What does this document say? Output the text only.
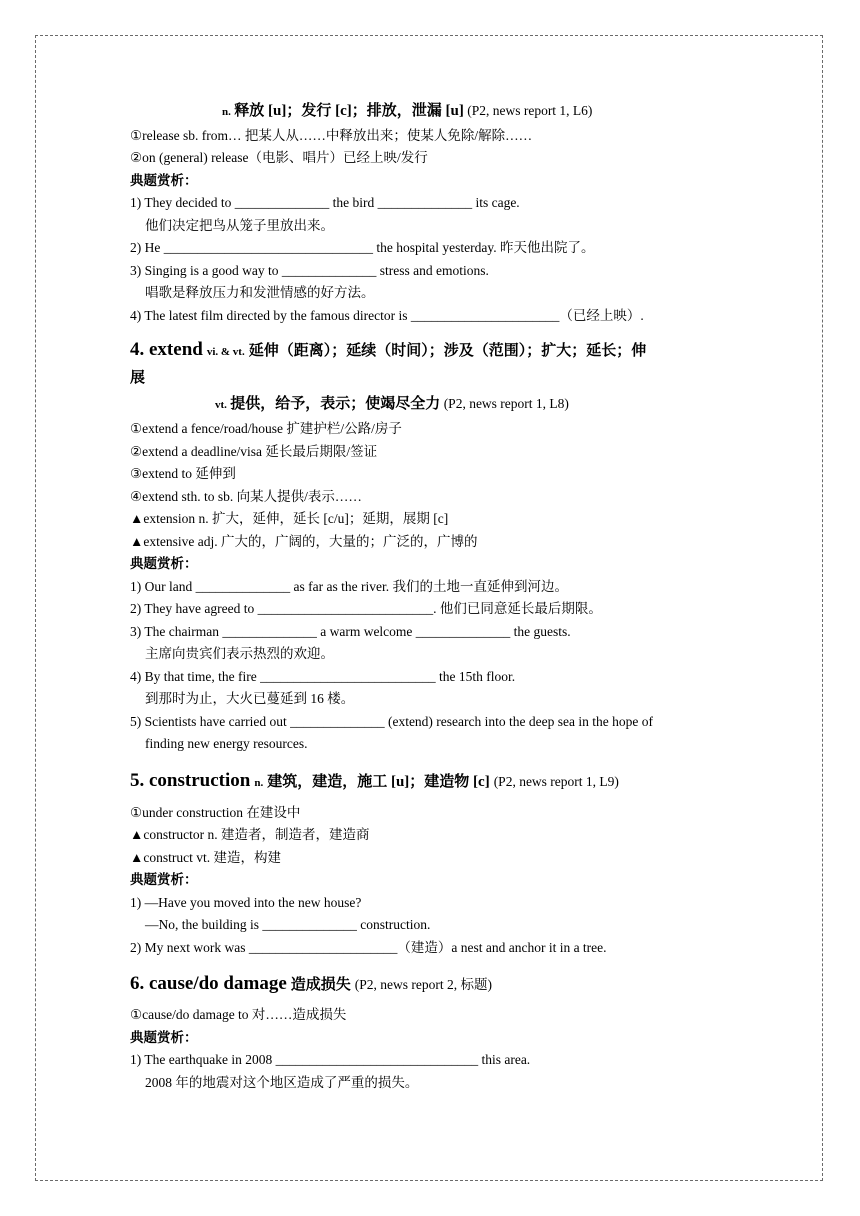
n. 释放 [u]；发行 [c]；排放，泄漏 [u] (P2, news report 1, L6)
①release sb. from… 把某人从……中释放出来；使某人免除/解除……
②on (general) release（电影、唱片）已经上映/发行
典题赏析：
1) They decided to ______________ the bird ______________ its cage.
他们决定把鸟从笼子里放出来。
2) He _______________________________ the hospital yesterday. 昨天他出院了。
3) Singing is a good way to ______________ stress and emotions.
唱歌是释放压力和发泄情感的好方法。
4) The latest film directed by the famous director is ______________________（已经上映）.
4. extend vi. & vt. 延伸（距离）；延续（时间）；涉及（范围）；扩大；延长；伸
展
vt. 提供，给予，表示；使竭尽全力 (P2, news report 1, L8)
①extend a fence/road/house 扩建护栏/公路/房子
②extend a deadline/visa 延长最后期限/签证
③extend to 延伸到
④extend sth. to sb. 向某人提供/表示……
▲extension n. 扩大，延伸，延长 [c/u]；延期，展期 [c]
▲extensive adj. 广大的，广阔的，大量的；广泛的，广博的
典题赏析：
1) Our land ______________ as far as the river. 我们的土地一直延伸到河边。
2) They have agreed to __________________________. 他们已同意延长最后期限。
3) The chairman ______________ a warm welcome ______________ the guests.
主席向贵宾们表示热烈的欢迎。
4) By that time, the fire __________________________ the 15th floor.
到那时为止，大火已蔓延到 16 楼。
5) Scientists have carried out ______________ (extend) research into the deep sea in the hope of
finding new energy resources.
5. construction n. 建筑，建造，施工 [u]；建造物 [c] (P2, news report 1, L9)
①under construction 在建设中
▲constructor n. 建造者，制造者，建造商
▲construct vt. 建造，构建
典题赏析：
1) —Have you moved into the new house?
—No, the building is ______________ construction.
2) My next work was ______________________（建造）a nest and anchor it in a tree.
6. cause/do damage 造成损失 (P2, news report 2, 标题)
①cause/do damage to 对……造成损失
典题赏析：
1) The earthquake in 2008 ______________________________ this area.
2008 年的地震对这个地区造成了严重的损失。
